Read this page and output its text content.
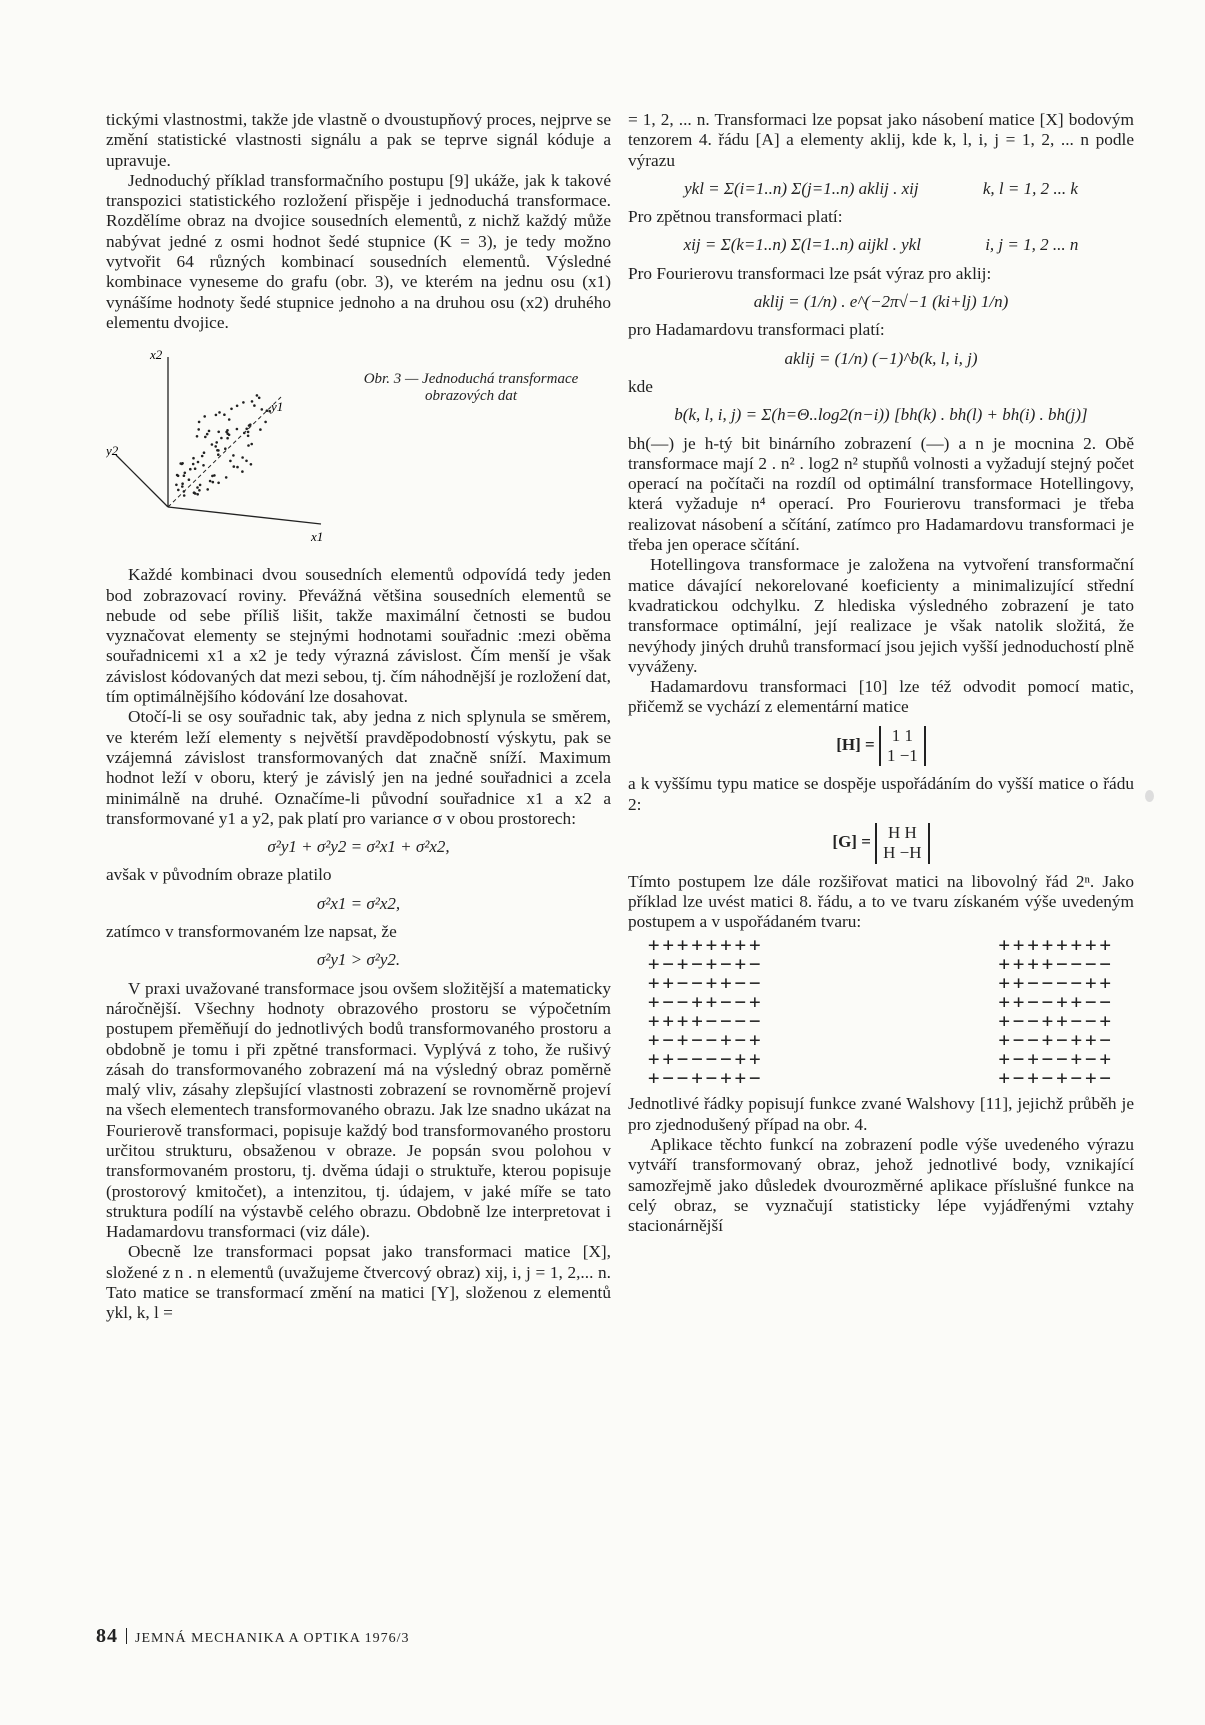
tickými vlastnostmi, takže jde vlastně o dvoustupňový proces, nejprve se změní statistické vlastnosti signálu a pak se teprve signál kóduje a upravuje.

Jednoduchý příklad transformačního postupu [9] ukáže, jak k takové transpozici statistického rozložení přispěje i jednoduchá transformace. Rozdělíme obraz na dvojice sousedních elementů, z nichž každý může nabývat jedné z osmi hodnot šedé stupnice (K = 3), je tedy možno vytvořit 64 různých kombinací sousedních elementů. Výsledné kombinace vyneseme do grafu (obr. 3), ve kterém na jednu osu (x1) vynášíme hodnoty šedé stupnice jednoho a na druhou osu (x2) druhého elementu dvojice.

x2
x1
y1
y2
Obr. 3 — Jednoduchá transformace obrazových dat

Každé kombinaci dvou sousedních elementů odpovídá tedy jeden bod zobrazovací roviny. Převážná většina sousedních elementů se nebude od sebe příliš lišit, takže maximální četnosti se budou vyznačovat elementy se stejnými hodnotami souřadnic :mezi oběma souřadnicemi x1 a x2 je tedy výrazná závislost. Čím menší je však závislost kódovaných dat mezi sebou, tj. čím náhodnější je rozložení dat, tím optimálnějšího kódování lze dosahovat.

Otočí-li se osy souřadnic tak, aby jedna z nich splynula se směrem, ve kterém leží elementy s největší pravděpodobností výskytu, pak se vzájemná závislost transformovaných dat značně sníží. Maximum hodnot leží v oboru, který je závislý jen na jedné souřadnici a zcela minimálně na druhé. Označíme-li původní souřadnice x1 a x2 a transformované y1 a y2, pak platí pro variance σ v obou prostorech:

σ²y1 + σ²y2 = σ²x1 + σ²x2,

avšak v původním obraze platilo

σ²x1 = σ²x2,

zatímco v transformovaném lze napsat, že

σ²y1 > σ²y2.

V praxi uvažované transformace jsou ovšem složitější a matematicky náročnější. Všechny hodnoty obrazového prostoru se výpočetním postupem přeměňují do jednotlivých bodů transformovaného prostoru a obdobně je tomu i při zpětné transformaci. Vyplývá z toho, že rušivý zásah do transformovaného zobrazení má na výsledný obraz poměrně malý vliv, zásahy zlepšující vlastnosti zobrazení se rovnoměrně projeví na všech elementech transformovaného obrazu. Jak lze snadno ukázat na Fourierově transformaci, popisuje každý bod transformovaného prostoru určitou strukturu, obsaženou v obraze. Je popsán svou polohou v transformovaném prostoru, tj. dvěma údaji o struktuře, kterou popisuje (prostorový kmitočet), a intenzitou, tj. údajem, v jaké míře se tato struktura podílí na výstavbě celého obrazu. Obdobně lze interpretovat i Hadamardovu transformaci (viz dále).

Obecně lze transformaci popsat jako transformaci matice [X], složené z n . n elementů (uvažujeme čtvercový obraz) xij, i, j = 1, 2,... n. Tato matice se transformací změní na matici [Y], složenou z elementů ykl, k, l =

= 1, 2, ... n. Transformaci lze popsat jako násobení matice [X] bodovým tenzorem 4. řádu [A] a elementy aklij, kde k, l, i, j = 1, 2, ... n podle výrazu

ykl = Σ(i=1..n) Σ(j=1..n) aklij . xij	k, l = 1, 2 ... k

Pro zpětnou transformaci platí:

xij = Σ(k=1..n) Σ(l=1..n) aijkl . ykl	i, j = 1, 2 ... n

Pro Fourierovu transformaci lze psát výraz pro aklij:

aklij = (1/n) . e^(−2π√−1 (ki+lj) 1/n)

pro Hadamardovu transformaci platí:

aklij = (1/n) (−1)^b(k, l, i, j)

kde

b(k, l, i, j) = Σ(h=Θ..log2(n−i)) [bh(k) . bh(l) + bh(i) . bh(j)]

bh(—) je h-tý bit binárního zobrazení (—) a n je mocnina 2. Obě transformace mají 2 . n² . log2 n² stupňů volnosti a vyžadují stejný počet operací na počítači na rozdíl od optimální transformace Hotellingovy, která vyžaduje n⁴ operací. Pro Fourierovu transformaci je třeba realizovat násobení a sčítání, zatímco pro Hadamardovu transformaci je třeba jen operace sčítání.

Hotellingova transformace je založena na vytvoření transformační matice dávající nekorelované koeficienty a minimalizující střední kvadratickou odchylku. Z hlediska výsledného zobrazení je tato transformace optimální, její realizace je však natolik složitá, že nevýhody jiných druhů transformací jsou jejich vyšší jednoduchostí plně vyváženy.

Hadamardovu transformaci [10] lze též odvodit pomocí matic, přičemž se vychází z elementární matice

[H] = 1 1
1 −1

a k vyššímu typu matice se dospěje uspořádáním do vyšší matice o řádu 2:

[G] = H H
H −H

Tímto postupem lze dále rozšiřovat matici na libovolný řád 2ⁿ. Jako příklad lze uvést matici 8. řádu, a to ve tvaru získaném výše uvedeným postupem a v uspořádaném tvaru:

++++++++
+−+−+−+−
++−−++−−
+−−++−−+
++++−−−−
+−+−−+−+
++−−−−++
+−−+−++−
++++++++
++++−−−−
++−−−−++
++−−++−−
+−−++−−+
+−−+−++−
+−+−−+−+
+−+−+−+−

Jednotlivé řádky popisují funkce zvané Walshovy [11], jejichž průběh je pro zjednodušený případ na obr. 4.

Aplikace těchto funkcí na zobrazení podle výše uvedeného výrazu vytváří transformovaný obraz, jehož jednotlivé body, vznikající samozřejmě jako důsledek dvourozměrné aplikace příslušné funkce na celý obraz, se vyznačují statisticky lépe vyjádřenými vztahy stacionárnější

84 JEMNÁ MECHANIKA A OPTIKA 1976/3
